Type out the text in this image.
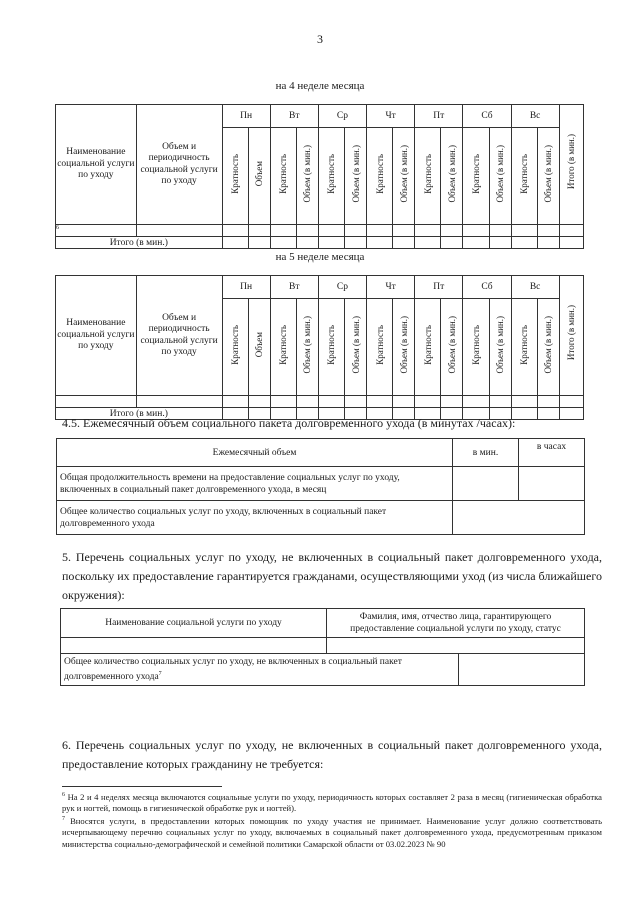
3
на 4 неделе месяца
Наименование социальной услуги по уходу	Объем и периодичность социальной услуги по уходу	Пн		Вт		Ср		Чт		Пт		Сб		Вс		Итого (в мин.)
		Кратность	Объем	Кратность	Объем (в мин.)	Кратность	Объем (в мин.)	Кратность	Объем (в мин.)	Кратность	Объем (в мин.)	Кратность	Объем (в мин.)	Кратность	Объем (в мин.)	
6																
Итого (в мин.)																
на 5 неделе месяца
Наименование социальной услуги по уходу	Объем и периодичность социальной услуги по уходу	Пн		Вт		Ср		Чт		Пт		Сб		Вс		Итого (в мин.)
		Кратность	Объем	Кратность	Объем (в мин.)	Кратность	Объем (в мин.)	Кратность	Объем (в мин.)	Кратность	Объем (в мин.)	Кратность	Объем (в мин.)	Кратность	Объем (в мин.)	

Итого (в мин.)																
4.5. Ежемесячный объем социального пакета долговременного ухода (в минутах /часах):
Ежемесячный объем	в мин.	в часах
Общая продолжительность времени на предоставление социальных услуг по уходу, включенных в социальный пакет долговременного ухода, в месяц		
Общее количество социальных услуг по уходу, включенных в социальный пакет долговременного ухода		
5. Перечень социальных услуг по уходу, не включенных в социальный пакет долговременного ухода, поскольку их предоставление гарантируется гражданами, осуществляющими уход (из числа ближайшего окружения):
Наименование социальной услуги по уходу	Фамилия, имя, отчество лица, гарантирующего предоставление социальной услуги по уходу, статус	

Общее количество социальных услуг по уходу, не включенных в социальный пакет долговременного ухода$^7$	
6. Перечень социальных услуг по уходу, не включенных в социальный пакет долговременного ухода, предоставление которых гражданину не требуется:
$^6$ На 2 и 4 неделях месяца включаются социальные услуги по уходу, периодичность которых составляет 2 раза в месяц (гигиеническая обработка рук и ногтей, помощь в гигиенической обработке рук и ногтей).
$^7$ Вносятся услуги, в предоставлении которых помощник по уходу участия не принимает. Наименование услуг должно соответствовать исчерпывающему перечню социальных услуг по уходу, включаемых в социальный пакет долговременного ухода, предусмотренным приказом министерства социально-демографической и семейной политики Самарской области от 03.02.2023 № 90
